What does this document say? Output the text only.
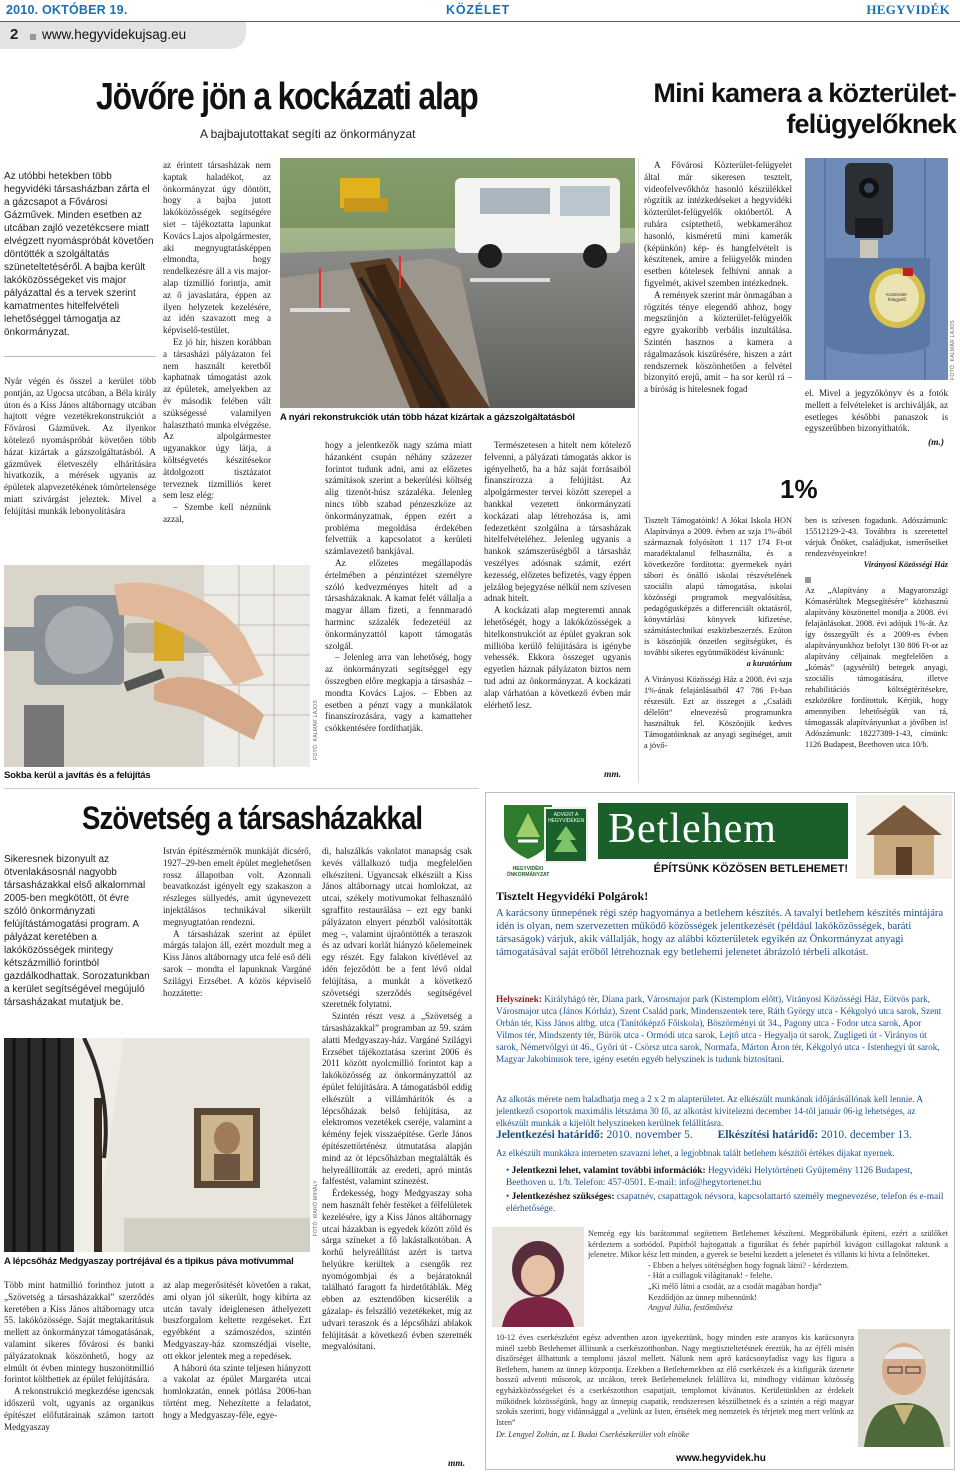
2010. OKTÓBER 19.	KÖZÉLET	HEGYVIDÉK
2 www.hegyvidekujsag.eu
Jövőre jön a kockázati alap
A bajbajutottakat segíti az önkormányzat
Az utóbbi hetekben több hegyvidéki társasházban zárta el a gázcsapot a Fővárosi Gázművek. Minden esetben az utcában zajló vezetékcsere miatt elvégzett nyomáspróbát követően döntötték a szolgáltatás szüneteltetéséről. A bajba került lakóközösségeket vis major pályázattal és a tervek szerint kamatmentes hitelfelvételi lehetőséggel támogatja az önkormányzat.

Nyár végén és ősszel a kerület több pontján, az Ugocsa utcában, a Béla király úton és a Kiss János altábornagy utcában hajtott végre vezetékrekonstrukciót a Fővárosi Gázművek. Az ilyenkor kötelező nyomáspróbát követően több házat kizártak a gázszolgáltatásból. A gázművek életveszély elhárítására hivatkozik, a mérések ugyanis az épületek alapvezetékének tömörtelensége miatt szivárgást jeleztek. Mivel a felújítási munkák lebonyolítására

az érintett társasházak nem kaptak haladékot, az önkormányzat úgy döntött, hogy a bajba jutott lakóközösségek segítségére siet – tájékoztatta lapunkat Kovács Lajos alpolgármester, aki megnyugtatásképpen elmondta, hogy rendelkezésre áll a vis major-alap tízmillió forintja, amit az ő javaslatára, éppen az ilyen helyzetek kezelésére, az idén szavazott meg a képviselő-testület.

Ez jó hír, hiszen korábban a társasházi pályázaton fel nem használt keretből kaphatnak támogatást azok az épületek, amelyekben az év második felében vált szükségessé valamilyen halasztható munka elvégzése. Az alpolgármester ugyanakkor úgy látja, a költségvetés készítésekor átdolgozott tisztázatot terveznek tízmilliós keret sem lesz elég:

– Szembe kell néznünk azzal,

A nyári rekonstrukciók után több házat kizártak a gázszolgáltatásból

hogy a jelentkezők nagy száma miatt házanként csupán néhány százezer forintot tudunk adni, ami az előzetes számítások szerint a bekerülési költség alig tizenöt-húsz százaléka. Jelenleg nincs több szabad pénzeszköze az önkormányzatnak, éppen ezért a probléma megoldása érdekében felvettük a kapcsolatot a kerületi számlavezető bankjával.

Az előzetes megállapodás értelmében a pénzintézet személyre szóló kedvezményes hitelt ad a társasházaknak. A kamat felét vállalja a magyar állam fizeti, a fennmaradó harminc százalék fedezetéül az önkormányzattól kapott támogatás szolgál.

– Jelenleg arra van lehetőség, hogy az önkormányzati segítséggel egy összegben előre megkapja a társasház – mondta Kovács Lajos. – Ebben az esetben a pénzt vagy a munkálatok finanszírozására, vagy a kamatteher csökkentésére fordíthatják.

Természetesen a hitelt nem kötelező felvenni, a pályázati támogatás akkor is igényelhető, ha a ház saját forrásaiból finanszírozza a felújítást. Az alpolgármester tervei között szerepel a bankkal vezetett önkormányzati kockázati alap létrehozása is, ami fedezetként szolgálna a társasházak hitelfelvételéhez. Jelenleg ugyanis a bankok számszerűségből a társasház veszélyes adósnak számít, ezért kezesség, előzetes befizetés, vagy éppen jelzálog bejegyzése nélkül nem szívesen adnak hitelt.

A kockázati alap megteremti annak lehetőségét, hogy a lakóközösségek a hitelkonstrukciót az épület gyakran sok millióba kerülő felújítására is igénybe vehessék. Ekkora összeget ugyanis egyetlen háznak pályázaton biztos nem tud adni az önkormányzat. A kockázati alap várhatóan a következő évben már elérhető lesz.

mm.
Sokba kerül a javítás és a felújítás
FOTÓ: KALMÁR LAJOS
Mini kamera a közterület-felügyelőknek

A Fővárosi Közterület-felügyelet által már sikeresen tesztelt, videofelvevőkhöz hasonló készülékkel rögzítik az intézkedéseket a hegyvidéki közterület-felügyelők októbertől. A ruhára csíptethető, webkamerához hasonló, kisméretű mini kamerák (képünkön) kép- és hangfelvételt is készítenek, amire a felügyelők minden esetben kötelesek felhívni annak a figyelmét, akivel szemben intézkednek.

A remények szerint már önmagában a rögzítés ténye elegendő ahhoz, hogy megszűnjön a közterület-felügyelők egyre gyakoribb verbális inzultálása. Szintén hasznos a kamera a rágalmazások kiszűrésére, hiszen a zárt rendszernek köszönhetően a felvétel bizonyító erejű, amit – ha sor kerül rá – a bíróság is hitelesnek fogad

Közterület-felügyelő
FOTÓ: KALMÁR LAJOS

el. Mivel a jegyzőkönyv és a fotók mellett a felvételeket is archiválják, az esetleges későbbi panaszok is egyszerűbben bizonyíthatók.

(m.)
1%

Tisztelt Támogatóink! A Jókai Iskola HON Alapítványa a 2009. évben az szja 1%-ából származnak folyósított 1 117 174 Ft-ot maradéktalanul felhasználta, és a következőre fordította: gyermekek nyári tábori és önálló iskolai részvételének szociális alapú támogatása, iskolai közösségi programok megvalósítása, pedagógusképzés a differenciált oktatásról, könyvtárlási könyvek kifizetése, számítástechnikai eszközbeszerzés. Ezúton is köszönjük önzetlen segítségüket, és további sikeres együttműködést kívánunk:

a kuratórium

A Virányosi Közösségi Ház a 2008. évi szja 1%-ának felajánlásaiból 47 786 Ft-ban részesült. Ezt az összeget a „Családi délelőtt” elnevezésű programunkra használtuk fel. Köszönjük kedves Támogatóinknak az anyagi segítséget, amit a jövő-

ben is szívesen fogadunk. Adószámunk: 15512129-2-43. Továbbra is szeretettel várjuk Önöket, családjukat, ismerőseiket rendezvényeinkre!

Virányosi Közösségi Ház

Az „Alapítvány a Magyarországi Kómasérültek Megsegítésére” közhasznú alapítvány köszönettel mondja a 2008. évi felajánlásokat. 2008. évi adójuk 1%-át. Az így összegyűlt és a 2009-es évben alapítványunkhoz befolyt 130 806 Ft-ot az alapítvány céljainak megfelelően a „kómás” (agysérült) betegek anyagi, szociális támogatására, illetve rehabilitációs költségtérítésekre, eszközökre fordítottuk. Kérjük, hogy amennyiben lehetőségük van rá, támogassák alapítványunkat a jövőben is! Adószámunk: 18227389-1-43, címünk: 1126 Budapest, Beethoven utca 10/b.

Szövetség a társasházakkal
Sikeresnek bizonyult az ötvenlakásosnál nagyobb társasházakkal első alkalommal 2005-ben megkötött, öt évre szóló önkormányzati felújítástámogatási program. A pályázat keretében a lakóközösségek mintegy kétszázmillió forintból gazdálkodhattak. Sorozatunkban a kerület segítségével megújuló társasházakat mutatjuk be.

István építészmérnök munkáját dicsérő, 1927–29-ben emelt épület meglehetősen rossz állapotban volt. Azonnali beavatkozást igényelt egy szakaszon a részleges süllyedés, amit úgynevezett injektálásos technikával sikerült megnyugtatóan rendezni.

A társasházak szerint az épület márgás talajon áll, ezért mozdult meg a Kiss János altábornagy utca felé eső déli sarok – mondta el lapunknak Vargáné Szilágyi Erzsébet. A közös képviselő hozzátette:

di, halszálkás vakolatot manapság csak kevés vállalkozó tudja megfelelően elkészíteni. Ugyancsak elkészült a Kiss János altábornagy utcai homlokzat, az utcai, székely motívumokat felhasználó sgraffito restaurálása – ezt egy banki pályázaton elnyert pénzből valósították meg –, valamint újraöntötték a teraszok és az udvari korlát hiányzó kőelemeinek egy részét. Egy falakon kívétlével az idén fejeződött be a fent lévő oldal felújítása, a munkát a következő szövetségi szerződés segítségével szeretnék folytatni.

Szintén részt vesz a „Szövetség a társasházakkal” programban az 59. szám alatti Medgyaszay-ház. Vargáné Szilágyi Erzsébet tájékoztatása szerint 2006 és 2011 között nyolcmillió forintot kap a lakóközösség az önkormányzattól az épület felújítására. A támogatásból eddig elkészült a villámhárítók és a lépcsőházak belső felújítása, az elektromos vezetékek cseréje, valamint a kémény fejek visszaépítése. Gerle János építészettörténész útmutatása alapján mind az öt lépcsőházban megtalálták és helyreállították az eredeti, apró mintás falfestést, valamint színezést.

Érdekesség, hogy Medgyaszay soha nem használt fehér festéket a félfelületek kezelésére, így a Kiss János altábornagy utcai házakban is egyedek között zöld és sárga színeket a fő lakástalkotóban. A korhű helyreállítást azért is tartva helyükre kerültek a csengők rez nyomógombjai és a bejáratoknál található faragott fa hirdetőtáblák. Még ebben az esztendőben kicserélik a gázalap- és felszálló vezetékeket, míg az udvari teraszok és a lépcsőházi ablakok felújítását a következő évben szeretnék megvalósítani.

mm.
A lépcsőház Medgyaszay portréjával és a tipikus páva motívummal
FOTÓ: MARÓ MIHÁLY

Több mint hatmillió forinthoz jutott a „Szövetség a társasházakkal” szerződés keretében a Kiss János altábornagy utca 55. lakóközössége. Saját megtakarításuk mellett az önkormányzat támogatásának, valamint sikeres fővárosi és banki pályázatoknak köszönhető, hogy az elmúlt öt évben mintegy huszonötmillió forintot költhettek az épület felújítására.

A rekonstrukció megkezdése igencsak időszerű volt, ugyanis az organikus építészet előfutárainak számon tartott Medgyaszay

az alap megerősítését követően a rakat, ami olyan jól sikerült, hogy kibírta az utcán tavaly ideiglenesen áthelyezett buszforgalom keltette rezgéseket. Ezt egyébként a számoszédos, szintén Medgyaszay-ház szomszédjai viselte, ott ekkor jelentek meg a repedések.

A háború óta szinte teljesen hiányzott a vakolat az épület Margaréta utcai homlokzatán, ennek pótlása 2006-ban történt meg. Nehezítette a feladatot, hogy a Medgyaszay-féle, egye-

HEGYVIDÉKI ÖNKORMÁNYZAT
ADVENT A HEGYVIDÉKEN Betlehem
ÉPÍTSÜNK KÖZÖSEN BETLEHEMET!
Tisztelt Hegyvidéki Polgárok!
A karácsony ünnepének régi szép hagyománya a betlehem készítés. A tavalyi betlehem készítés mintájára idén is olyan, nem szervezetten működő közösségek jelentkezését (például lakóközösségek, baráti társaságok) várjuk, akik vállalják, hogy az alábbi közterületek egyikén az Önkormányzat anyagi támogatásával saját erőből létrehoznak egy betlehemi jelenetet ábrázoló térbeli alkotást.
Helyszínek: Királyhágó tér, Diana park, Városmajor park (Kistemplom előtt), Virányosi Közösségi Ház, Eötvös park, Városmajor utca (János Kórház), Szent Család park, Mindenszentek tere, Ráth György utca - Kékgolyó utca sarok, Szent Orbán tér, Kiss János altbg. utca (Tanítóképző Főiskola), Böszörményi út 34., Pagony utca - Fodor utca sarok, Apor Vilmos tér, Mindszenty tér, Bürök utca - Ormódi utca sarok, Lejtő utca - Hegyalja út sarok, Zugligeti út - Virányos út sarok, Németvölgyi út 46., Győri út - Csörsz utca sarok, Normafa, Márton Áron tér, Kékgolyó utca - Istenhegyi út sarok, Magyar Jakobinusok tere, igény esetén egyéb helyszínek is tudunk biztosítani.
Az alkotás mérete nem haladhatja meg a 2 x 2 m alapterületet. Az elkészült munkának időjárásállónak kell lennie. A jelentkező csoportok maximális létszáma 30 fő, az alkotást kivitelezni december 14-től január 06-ig lehetséges, az elkészült munkák a kijelölt helyszíneken kerülnek felállításra.
Jelentkezési határidő: 2010. november 5. Elkészítési határidő: 2010. december 13.
Az elkészült munkákra interneten szavazni lehet, a legjobbnak talált betlehem készítői értékes díjakat nyernek.
• Jelentkezni lehet, valamint további információk: Hegyvidéki Helytörténeti Gyűjtemény 1126 Budapest, Beethoven u. 1/b. Telefon: 457-0501. E-mail: info@hegytortenet.hu
• Jelentkezéshez szükséges: csapatnév, csapattagok névsora, kapcsolattartó személy megnevezése, telefon és e-mail elérhetősége.
Nemrég egy kis barátommal segítettem Betlehemet készíteni. Megpróbálunk építeni, ezért a szülőket kérdeztem a sorbódol. Papírból hajtogattak a figurákat és fehér papírból kivágott csillagokat raktunk a jelenetre. Mikor kész lett minden, a gyerek se betelni kezdett a jelenetet és villants ki hívta a felnőtteket.
- Ebben a helyes sötétségben hogy fognak látni? - kérdeztem.
- Hát a csillagok világítanak! - felelte.
„Ki mélő látni a csodát, az a csodát magában hordja”
Kezdődjön az ünnep mibennünk!
Angyal Júlia, festőművész
10-12 éves cserkészként egész adventben azon igyekeztünk, hogy minden este aranyos kis karácsonyra minél szebb Betlehemet állítsunk a cserkészotthonban. Nagy megtiszteltetésnek éreztük, ha az éjféli misén díszőrséget állhattunk a templomi jászol mellett. Nálunk nem apró karácsonyfadísz vagy kis figura a Betlehem, hanem az ünnep központja. Ezekben a Betlehemekben az élő cserkészek és a kisfigurák üzenete hosszú adventi műsorok, az utcákon, terek Betlehemeknek felállítva ki, mindhogy vidáman közösség egyházközösségeket és a cserkészotthon csapatjait, templomot kívánatos. Kerületünkben az érdekelt működnek közösségünk, hogy az ünnepig csapatik, rendszeresen készülhetnek és a szintén a régi magyar szokás szerinti, hogy vidámsággal a „velünk az Isten, értsétek meg nemzetek és térjetek meg mert velünk az Isten”
Dr. Lengyel Zoltán, az I. Budai Cserkészkerület volt elnöke
www.hegyvidek.hu
